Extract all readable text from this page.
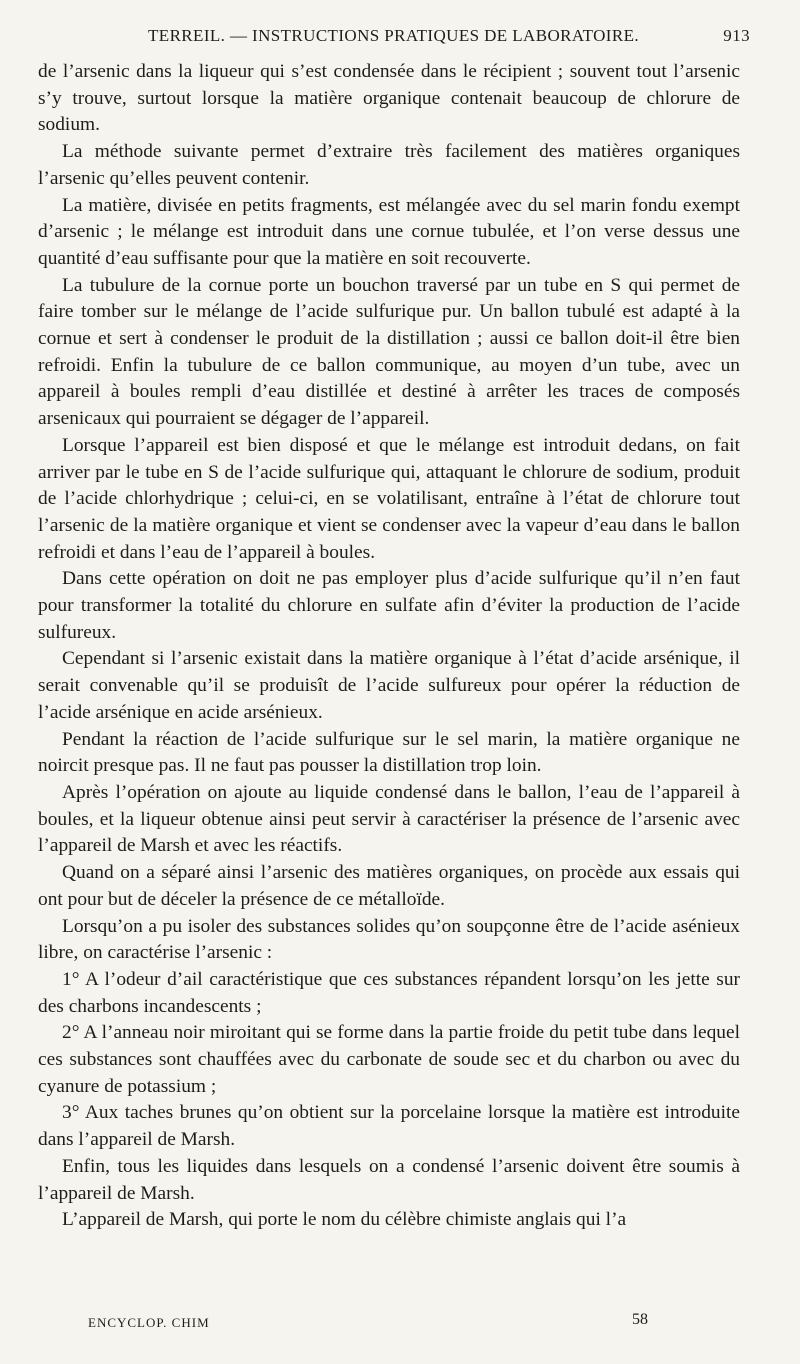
TERREIL. — INSTRUCTIONS PRATIQUES DE LABORATOIRE.	913

de l’arsenic dans la liqueur qui s’est condensée dans le récipient ; souvent tout l’arsenic s’y trouve, surtout lorsque la matière organique contenait beaucoup de chlorure de sodium.

La méthode suivante permet d’extraire très facilement des matières organiques l’arsenic qu’elles peuvent contenir.

La matière, divisée en petits fragments, est mélangée avec du sel marin fondu exempt d’arsenic ; le mélange est introduit dans une cornue tubulée, et l’on verse dessus une quantité d’eau suffisante pour que la matière en soit recouverte.

La tubulure de la cornue porte un bouchon traversé par un tube en S qui permet de faire tomber sur le mélange de l’acide sulfurique pur. Un ballon tubulé est adapté à la cornue et sert à condenser le produit de la distillation ; aussi ce ballon doit-il être bien refroidi. Enfin la tubulure de ce ballon communique, au moyen d’un tube, avec un appareil à boules rempli d’eau distillée et destiné à arrêter les traces de composés arsenicaux qui pourraient se dégager de l’appareil.

Lorsque l’appareil est bien disposé et que le mélange est introduit dedans, on fait arriver par le tube en S de l’acide sulfurique qui, attaquant le chlorure de sodium, produit de l’acide chlorhydrique ; celui-ci, en se volatilisant, entraîne à l’état de chlorure tout l’arsenic de la matière organique et vient se condenser avec la vapeur d’eau dans le ballon refroidi et dans l’eau de l’appareil à boules.

Dans cette opération on doit ne pas employer plus d’acide sulfurique qu’il n’en faut pour transformer la totalité du chlorure en sulfate afin d’éviter la production de l’acide sulfureux.

Cependant si l’arsenic existait dans la matière organique à l’état d’acide arsénique, il serait convenable qu’il se produisît de l’acide sulfureux pour opérer la réduction de l’acide arsénique en acide arsénieux.

Pendant la réaction de l’acide sulfurique sur le sel marin, la matière organique ne noircit presque pas. Il ne faut pas pousser la distillation trop loin.

Après l’opération on ajoute au liquide condensé dans le ballon, l’eau de l’appareil à boules, et la liqueur obtenue ainsi peut servir à caractériser la présence de l’arsenic avec l’appareil de Marsh et avec les réactifs.

Quand on a séparé ainsi l’arsenic des matières organiques, on procède aux essais qui ont pour but de déceler la présence de ce métalloïde.

Lorsqu’on a pu isoler des substances solides qu’on soupçonne être de l’acide asénieux libre, on caractérise l’arsenic :

1° A l’odeur d’ail caractéristique que ces substances répandent lorsqu’on les jette sur des charbons incandescents ;

2° A l’anneau noir miroitant qui se forme dans la partie froide du petit tube dans lequel ces substances sont chauffées avec du carbonate de soude sec et du charbon ou avec du cyanure de potassium ;

3° Aux taches brunes qu’on obtient sur la porcelaine lorsque la matière est introduite dans l’appareil de Marsh.

Enfin, tous les liquides dans lesquels on a condensé l’arsenic doivent être soumis à l’appareil de Marsh.

L’appareil de Marsh, qui porte le nom du célèbre chimiste anglais qui l’a

ENCYCLOP. CHIM	58
